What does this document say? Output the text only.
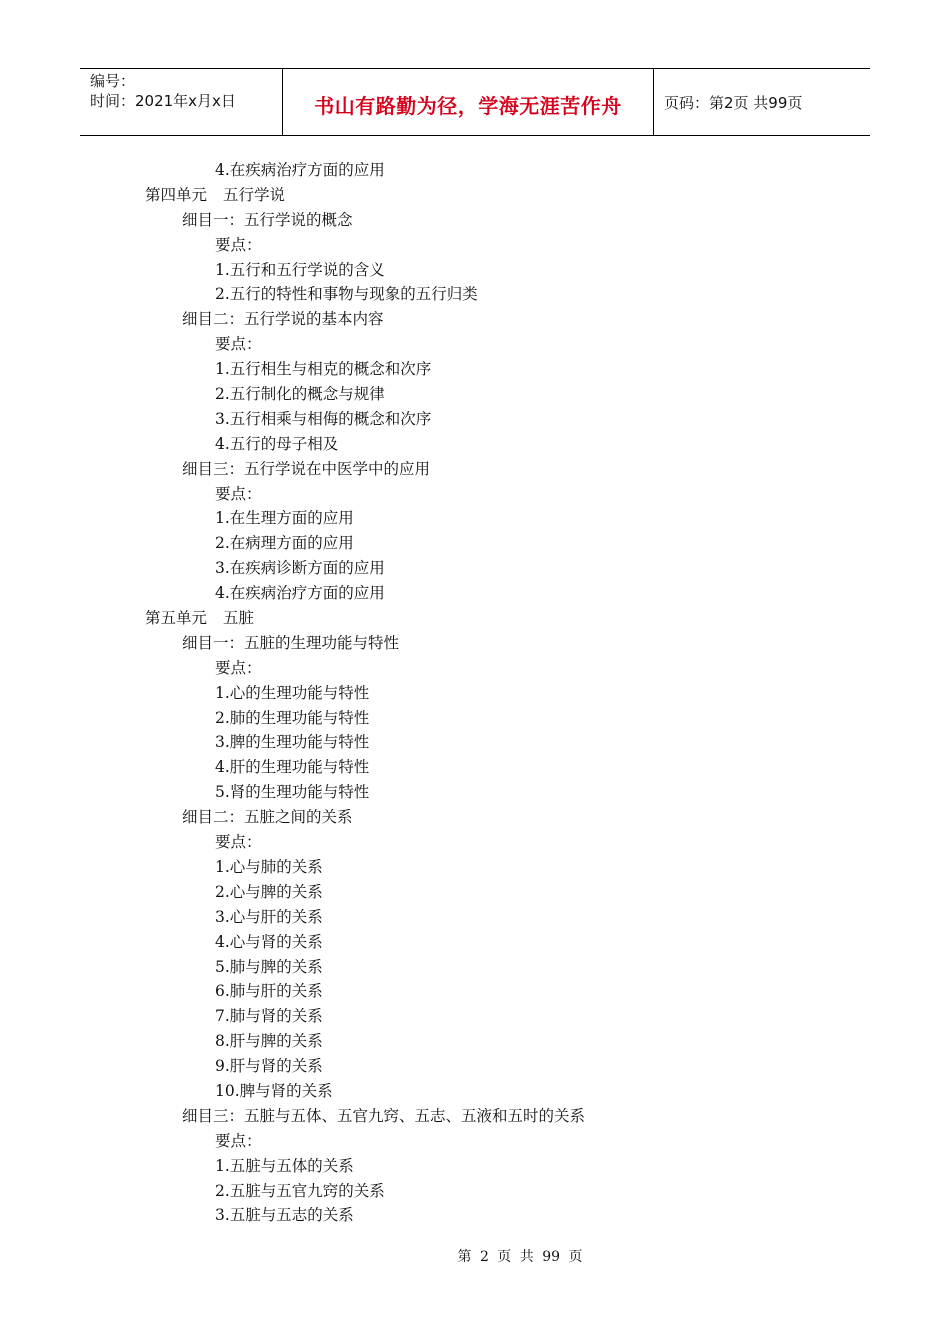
编号：
时间：2021年x月x日	书山有路勤为径，学海无涯苦作舟	页码：第2页 共99页
4.在疾病治疗方面的应用
第四单元 五行学说
细目一：五行学说的概念
要点：
1.五行和五行学说的含义
2.五行的特性和事物与现象的五行归类
细目二：五行学说的基本内容
要点：
1.五行相生与相克的概念和次序
2.五行制化的概念与规律
3.五行相乘与相侮的概念和次序
4.五行的母子相及
细目三：五行学说在中医学中的应用
要点：
1.在生理方面的应用
2.在病理方面的应用
3.在疾病诊断方面的应用
4.在疾病治疗方面的应用
第五单元 五脏
细目一：五脏的生理功能与特性
要点：
1.心的生理功能与特性
2.肺的生理功能与特性
3.脾的生理功能与特性
4.肝的生理功能与特性
5.肾的生理功能与特性
细目二：五脏之间的关系
要点：
1.心与肺的关系
2.心与脾的关系
3.心与肝的关系
4.心与肾的关系
5.肺与脾的关系
6.肺与肝的关系
7.肺与肾的关系
8.肝与脾的关系
9.肝与肾的关系
10.脾与肾的关系
细目三：五脏与五体、五官九窍、五志、五液和五时的关系
要点：
1.五脏与五体的关系
2.五脏与五官九窍的关系
3.五脏与五志的关系
第 2 页 共 99 页
